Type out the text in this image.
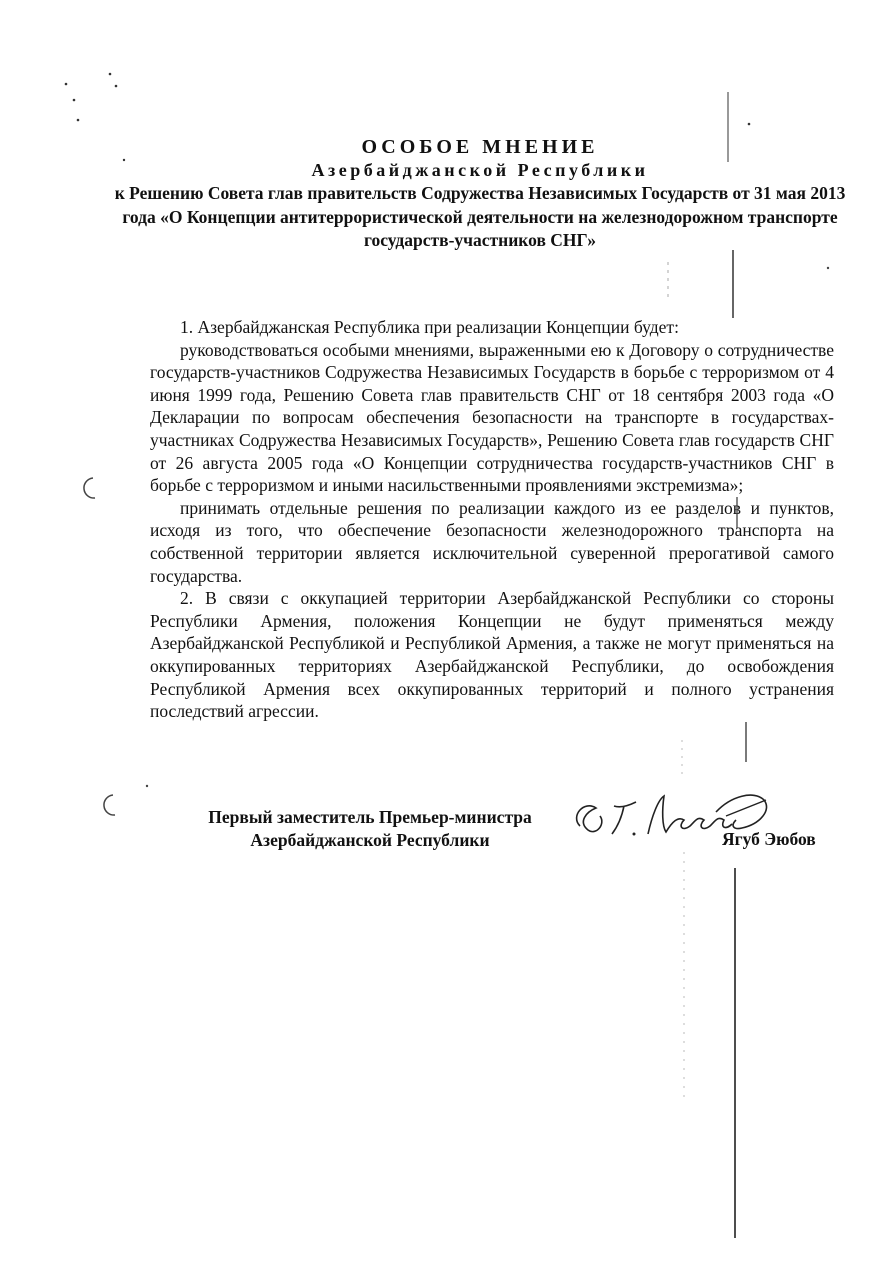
ОСОБОЕ МНЕНИЕ
Азербайджанской Республики
к Решению Совета глав правительств Содружества Независимых Государств от 31 мая 2013 года «О Концепции антитеррористической деятельности на железнодорожном транспорте государств-участников СНГ»

1. Азербайджанская Республика при реализации Концепции будет:

руководствоваться особыми мнениями, выраженными ею к Договору о сотрудничестве государств-участников Содружества Независимых Государств в борьбе с терроризмом от 4 июня 1999 года, Решению Совета глав правительств СНГ от 18 сентября 2003 года «О Декларации по вопросам обеспечения безопасности на транспорте в государствах-участниках Содружества Независимых Государств», Решению Совета глав государств СНГ от 26 августа 2005 года «О Концепции сотрудничества государств-участников СНГ в борьбе с терроризмом и иными насильственными проявлениями экстремизма»;

принимать отдельные решения по реализации каждого из ее разделов и пунктов, исходя из того, что обеспечение безопасности железнодорожного транспорта на собственной территории является исключительной суверенной прерогативой самого государства.

2. В связи с оккупацией территории Азербайджанской Республики со стороны Республики Армения, положения Концепции не будут применяться между Азербайджанской Республикой и Республикой Армения, а также не могут применяться на оккупированных территориях Азербайджанской Республики, до освобождения Республикой Армения всех оккупированных территорий и полного устранения последствий агрессии.

Первый заместитель Премьер-министра
Азербайджанской Республики	Ягуб Эюбов
